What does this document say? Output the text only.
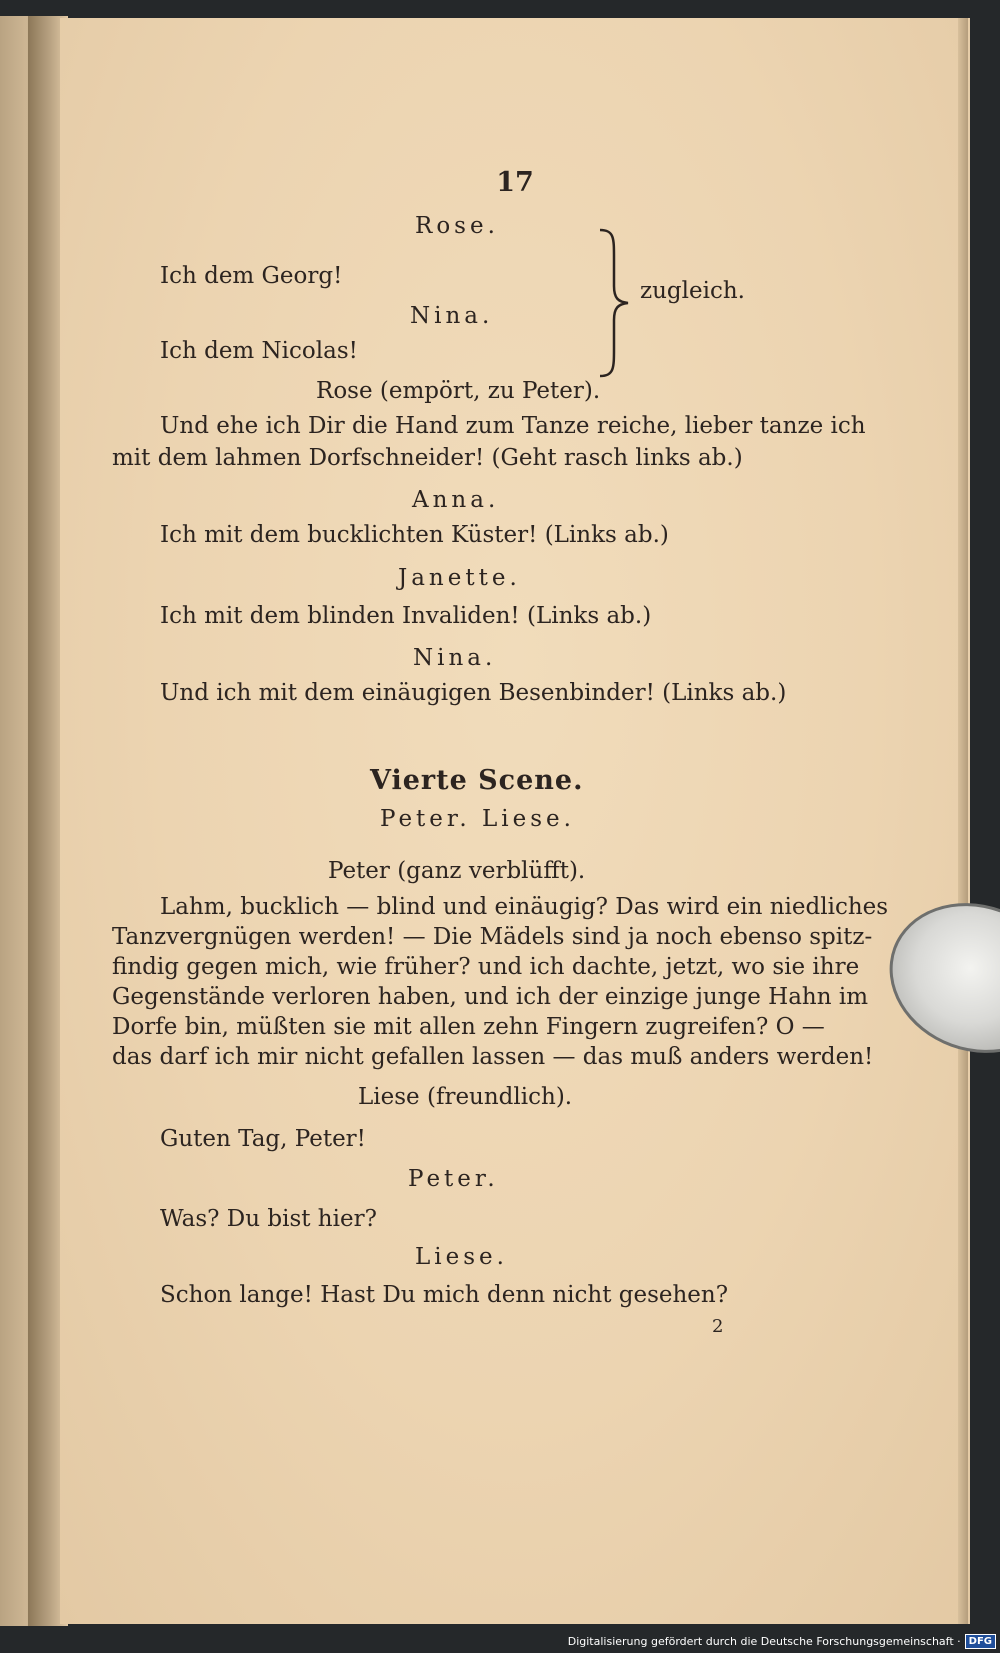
17
Rose.
Ich dem Georg!
Nina.
Ich dem Nicolas!
zugleich.
Rose (empört, zu Peter).
Und ehe ich Dir die Hand zum Tanze reiche, lieber tanze ich
mit dem lahmen Dorfschneider! (Geht rasch links ab.)
Anna.
Ich mit dem bucklichten Küster! (Links ab.)
Janette.
Ich mit dem blinden Invaliden! (Links ab.)
Nina.
Und ich mit dem einäugigen Besenbinder! (Links ab.)
Vierte Scene.
Peter. Liese.
Peter (ganz verblüfft).
Lahm, bucklich — blind und einäugig? Das wird ein niedliches
Tanzvergnügen werden! — Die Mädels sind ja noch ebenso spitz-
findig gegen mich, wie früher? und ich dachte, jetzt, wo sie ihre
Gegenstände verloren haben, und ich der einzige junge Hahn im
Dorfe bin, müßten sie mit allen zehn Fingern zugreifen? O —
das darf ich mir nicht gefallen lassen — das muß anders werden!
Liese (freundlich).
Guten Tag, Peter!
Peter.
Was? Du bist hier?
Liese.
Schon lange! Hast Du mich denn nicht gesehen?
2
Digitalisierung gefördert durch die Deutsche Forschungsgemeinschaft · DFG
